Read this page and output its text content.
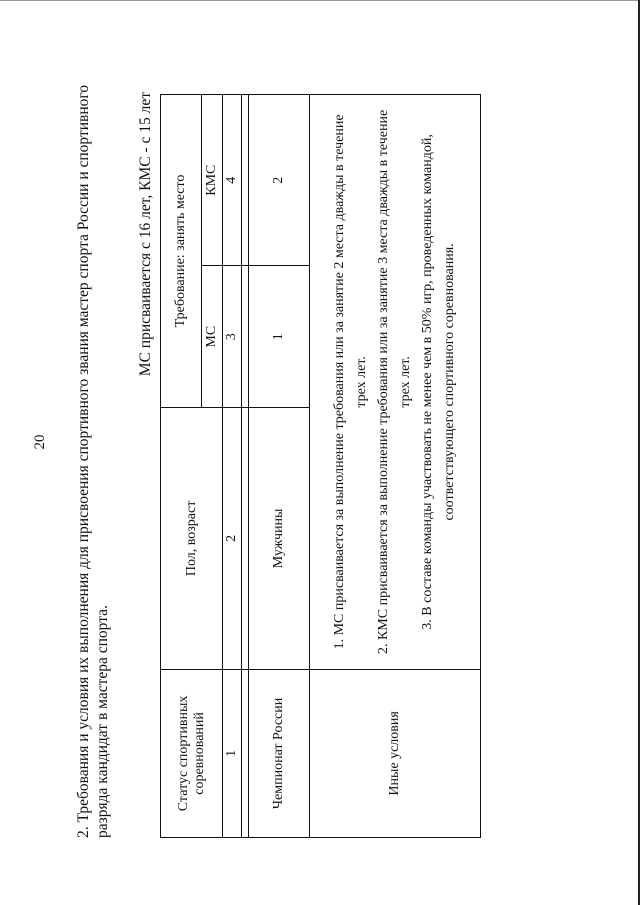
20 2. Требования и условия их выполнения для присвоения спортивного звания мастер спорта России и спортивного разряда кандидат в мастера спорта.
МС присваивается с 16 лет, КМС - с 15 лет
Статус спортивных соревнований	Пол, возраст	Требование: занять место	
		МС	КМС
1	2	3	4

Чемпионат России	Мужчины	1	2
Иные условия	1. МС присваивается за выполнение требования или за занятие 2 места дважды в течение трех лет. 2. КМС присваивается за выполнение требования или за занятие 3 места дважды в течение трех лет. 3. В составе команды участвовать не менее чем в 50% игр, проведенных командой, соответствующего спортивного соревнования.		
